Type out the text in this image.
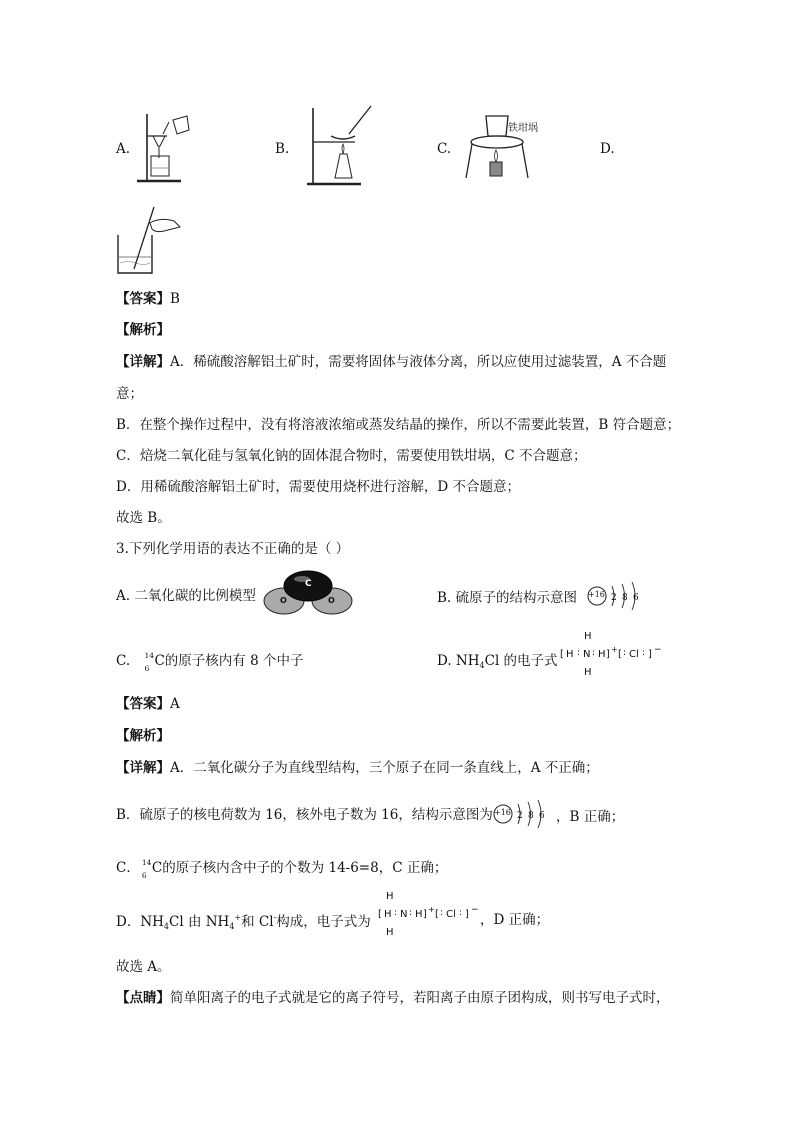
A.	B.	C.
铁坩埚
D.
【答案】B
【解析】
【详解】A．稀硫酸溶解铝土矿时，需要将固体与液体分离，所以应使用过滤装置，A 不合题
意；
B．在整个操作过程中，没有将溶液浓缩或蒸发结晶的操作，所以不需要此装置，B 符合题意；
C．焙烧二氧化硅与氢氧化钠的固体混合物时，需要使用铁坩埚，C 不合题意；
D．用稀硫酸溶解铝土矿时，需要使用烧杯进行溶解，D 不合题意；
故选 B。
3.下列化学用语的表达不正确的是（ ）
A. 二氧化碳的比例模型
C
O	O	B. 硫原子的结构示意图 +16 2 8 6
C. 14
6 C的原子核内有 8 个中子	D. $NH_4Cl$ 的电子式
H
[ H : N : H ] + [ : Cl : ] −
H
【答案】A
【解析】
【详解】A．二氧化碳分子为直线型结构，三个原子在同一条直线上，A 不正确；
B．硫原子的核电荷数为 16，核外电子数为 16，结构示意图为 +16 2 8 6 ，B 正确；
C． 14
6 C的原子核内含中子的个数为 14-6=8，C 正确；
D．$NH_4Cl$ 由 $NH_4^+$和 Cl-构成，电子式为
H
[ H : N : H ] + [ : Cl : ] −
H
，D 正确；
故选 A。
【点睛】简单阳离子的电子式就是它的离子符号，若阳离子由原子团构成，则书写电子式时，
